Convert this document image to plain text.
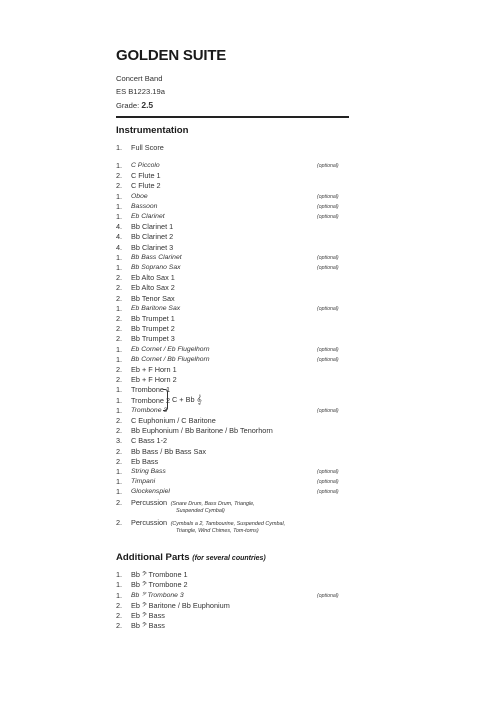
GOLDEN SUITE
Concert Band
ES B1223.19a
Grade: 2.5
Instrumentation
1.	Full Score
C + Bb 𝄞
Additional Parts (for several countries)
1.	C Piccolo	(optional)
2.	C Flute 1
2.	C Flute 2
1.	Oboe	(optional)
1.	Bassoon	(optional)
1.	Eb Clarinet	(optional)
4.	Bb Clarinet 1
4.	Bb Clarinet 2
4.	Bb Clarinet 3
1.	Bb Bass Clarinet	(optional)
1.	Bb Soprano Sax	(optional)
2.	Eb Alto Sax 1
2.	Eb Alto Sax 2
2.	Bb Tenor Sax
1.	Eb Baritone Sax	(optional)
2.	Bb Trumpet 1
2.	Bb Trumpet 2
2.	Bb Trumpet 3
1.	Eb Cornet / Eb Flugelhorn	(optional)
1.	Bb Cornet / Bb Flugelhorn	(optional)
2.	Eb + F Horn 1
2.	Eb + F Horn 2
1.	Trombone 1
1.	Trombone 2
1.	Trombone 3	(optional)
2.	C Euphonium / C Baritone
2.	Bb Euphonium / Bb Baritone / Bb Tenorhorn
3.	C Bass 1-2
2.	Bb Bass / Bb Bass Sax
2.	Eb Bass
1.	String Bass	(optional)
1.	Timpani	(optional)
1.	Glockenspiel	(optional)
2.	Percussion (Snare Drum, Bass Drum, Triangle,
Suspended Cymbal)
2.	Percussion (Cymbals a 2, Tambourine, Suspended Cymbal,
Triangle, Wind Chimes, Tom-toms)
1.	Bb 𝄢 Trombone 1
1.	Bb 𝄢 Trombone 2
1.	Bb 𝄢 Trombone 3	(optional)
2.	Eb 𝄢 Baritone / Bb Euphonium
2.	Eb 𝄢 Bass
2.	Bb 𝄢 Bass
